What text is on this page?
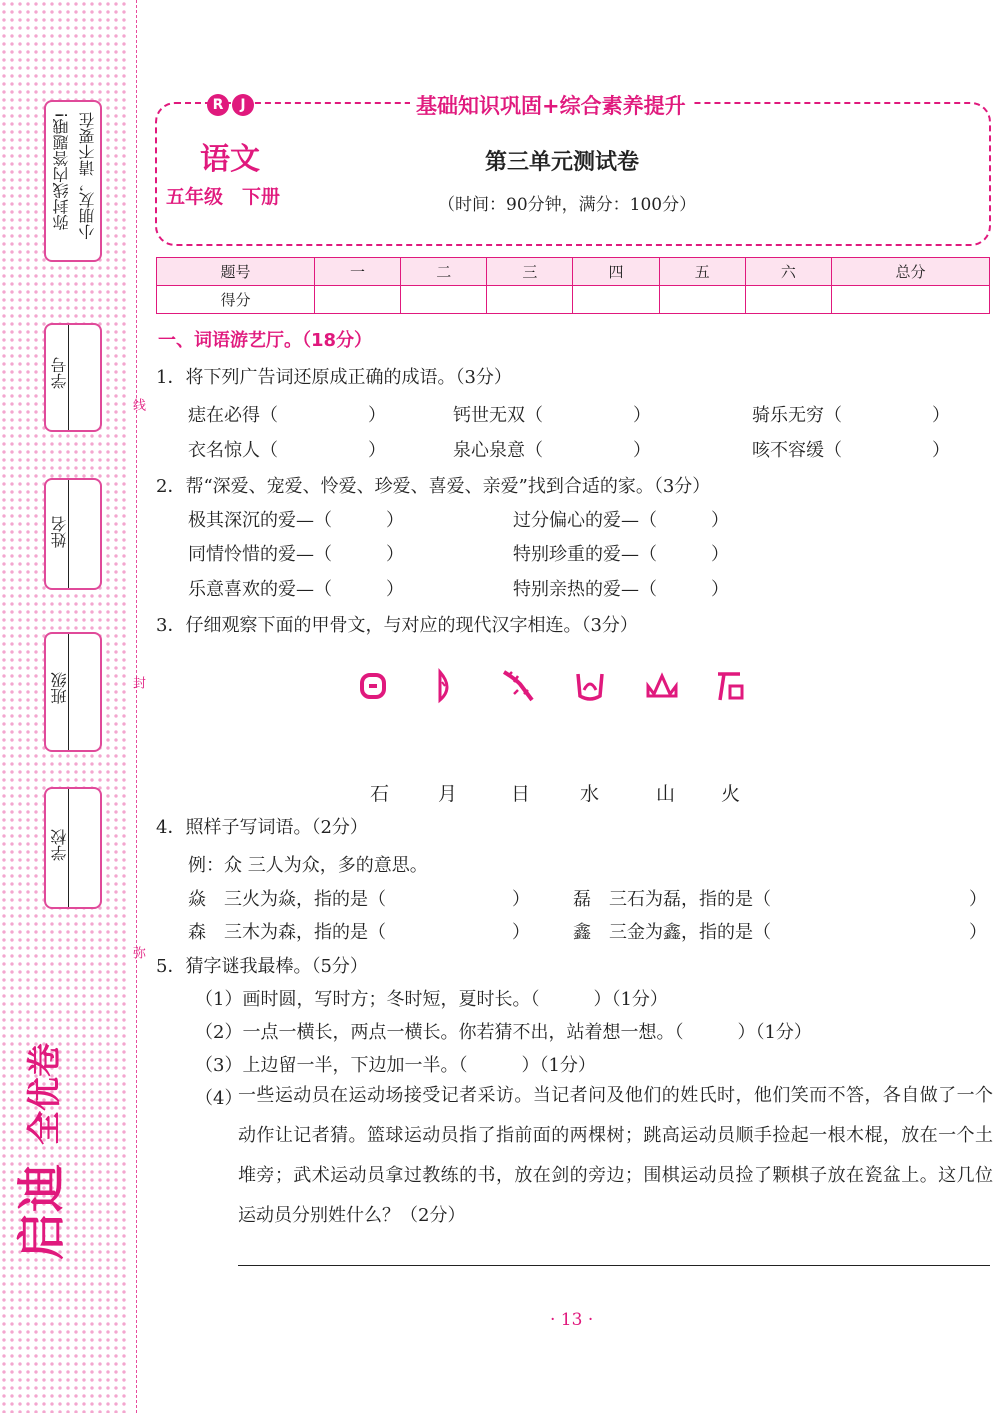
小朋友，请不要在
弥封线内答题哦!
学号
姓名
班级
学校
线
封
弥
启迪
全优卷
R	J	基础知识巩固+综合素养提升
语文
五年级　下册
第三单元测试卷
（时间：90分钟，满分：100分）
题号	一	二	三	四	五	六	总分
得分							
一、词语游艺厅。（18分）
1．将下列广告词还原成正确的成语。（3分）
痣在必得（　　　　　）	钙世无双（　　　　　）	骑乐无穷（　　　　　）
衣名惊人（　　　　　）	泉心泉意（　　　　　）	咳不容缓（　　　　　）
2．帮“深爱、宠爱、怜爱、珍爱、喜爱、亲爱”找到合适的家。（3分）
极其深沉的爱—（　　　）	过分偏心的爱—（　　　）
同情怜惜的爱—（　　　）	特别珍重的爱—（　　　）
乐意喜欢的爱—（　　　）	特别亲热的爱—（　　　）
3．仔细观察下面的甲骨文，与对应的现代汉字相连。（3分）
石	月	日	水	山 火
4．照样子写词语。（2分）
例：众 三人为众，多的意思。
焱　三火为焱，指的是（　　　　　　　） 磊　三石为磊，指的是（　　　　　　　　　　　）
森　三木为森，指的是（　　　　　　　） 鑫　三金为鑫，指的是（　　　　　　　　　　　）
5．猜字谜我最棒。（5分）
（1）画时圆，写时方；冬时短，夏时长。（　　　）（1分）
（2）一点一横长，两点一横长。你若猜不出，站着想一想。（　　　）（1分）
（3）上边留一半，下边加一半。（　　　）（1分）
（4）
一些运动员在运动场接受记者采访。当记者问及他们的姓氏时，他们笑而不答，各自做了一个动作让记者猜。篮球运动员指了指前面的两棵树；跳高运动员顺手捡起一根木棍，放在一个土堆旁；武术运动员拿过教练的书，放在剑的旁边；围棋运动员捡了颗棋子放在瓷盆上。这几位运动员分别姓什么？（2分）
· 13 ·
